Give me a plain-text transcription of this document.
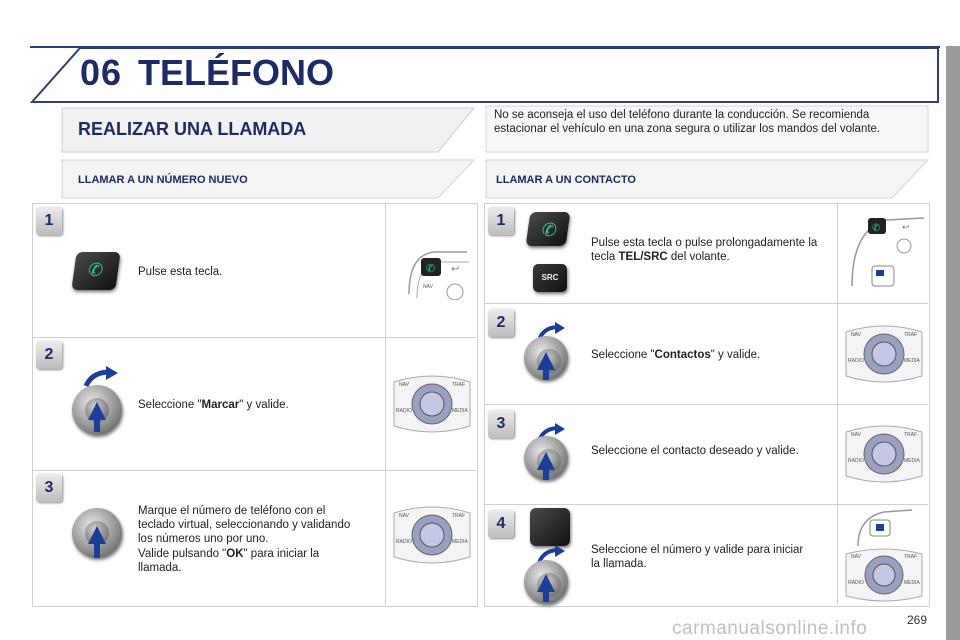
06 TELÉFONO
REALIZAR UNA LLAMADA
LLAMAR A UN NÚMERO NUEVO
No se aconseja el uso del teléfono durante la conducción. Se recomienda estacionar el vehículo en una zona segura o utilizar los mandos del volante.
LLAMAR A UN CONTACTO
1
✆	Pulse esta tecla.	✆ ↩
NAV
2
Seleccione "Marcar" y valide.
3
Marque el número de teléfono con el teclado virtual, seleccionando y validando los números uno por uno.
Valide pulsando "OK" para iniciar la llamada.
NAV	TRAF
RADIO	MEDIA
NAV	TRAF
RADIO	MEDIA
1	✆
SRC
Pulse esta tecla o pulse prolongadamente la tecla TEL/SRC del volante.
✆ ↩
2
Seleccione "Contactos" y valide.
3
Seleccione el contacto deseado y valide.
4
Seleccione el número y valide para iniciar la llamada.
NAV	TRAF
RADIO	MEDIA
NAV	TRAF
RADIO	MEDIA
NAV	TRAF
RADIO	MEDIA
carmanualsonline.info	269
